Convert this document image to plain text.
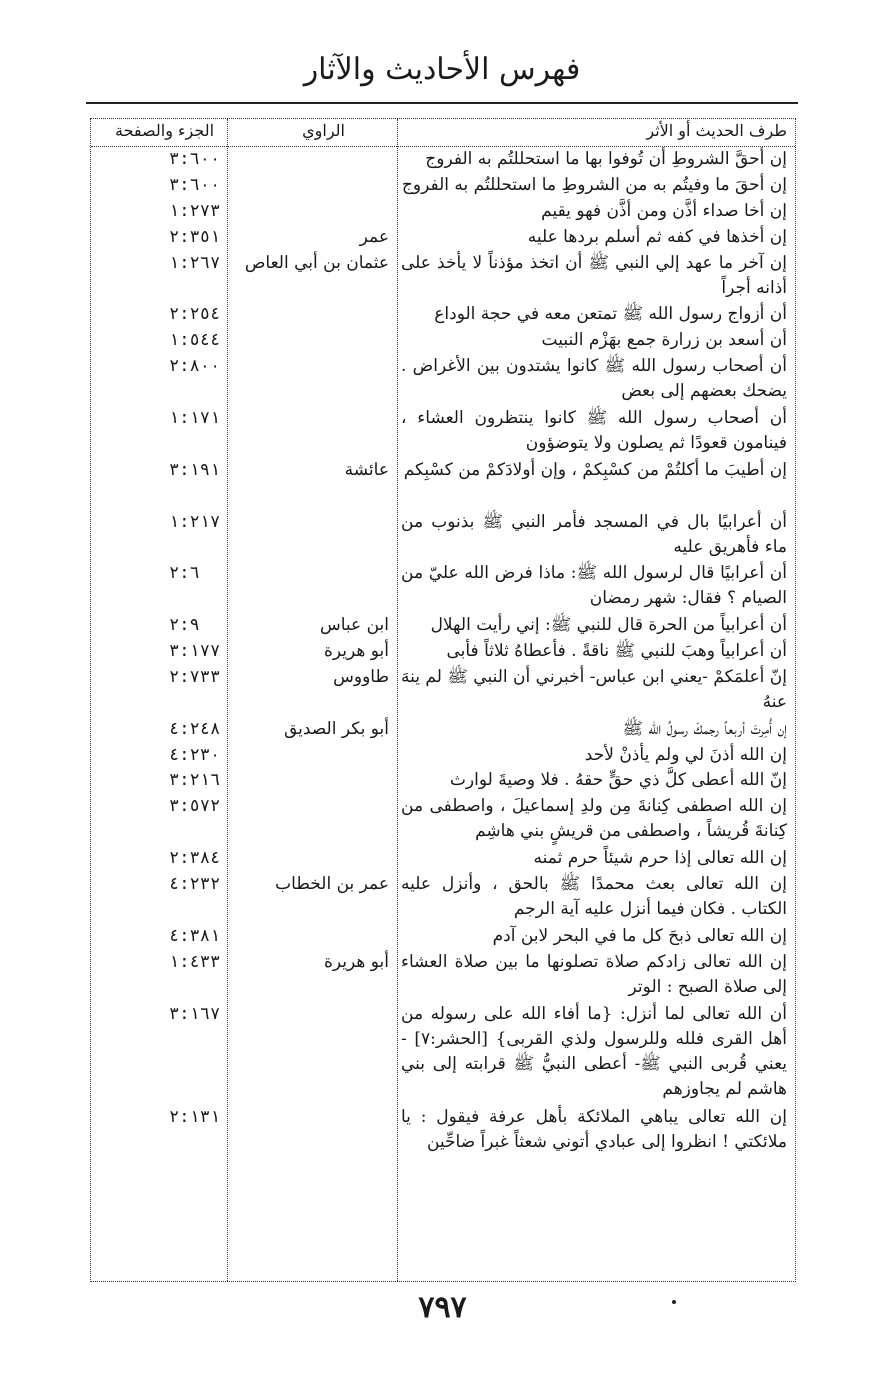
فهرس الأحاديث والآثار
طرف الحديث أو الأثر
الراوي
الجزء والصفحة
إن أحقَّ الشروطِ أن تُوفوا بها ما استحللتُم به الفروج
٣:٦٠٠
إن أحقَ ما وفيتُم به من الشروطِ ما استحللتُم به الفروج
٣:٦٠٠
إن أخا صداء أذَّن ومن أذَّن فهو يقيم
١:٢٧٣
إن أخذها في كفه ثم أسلم بردها عليه
عمر
٢:٣٥١
إن آخر ما عهد إلي النبي ﷺ أن اتخذ مؤذناً لا يأخذ على أذانه أجراً
عثمان بن أبي العاص
١:٢٦٧
أن أزواج رسول الله ﷺ تمتعن معه في حجة الوداع
٢:٢٥٤
أن أسعد بن زرارة جمع بهَزْم النبيت
١:٥٤٤
أن أصحاب رسول الله ﷺ كانوا يشتدون بين الأغراض . يضحك بعضهم إلى بعض
٢:٨٠٠
أن أصحاب رسول الله ﷺ كانوا ينتظرون العشاء ، فينامون قعودًا ثم يصلون ولا يتوضؤون
١:١٧١
إن أطيبَ ما أكلتُمْ من كسْبِكمْ ، وإن أولادَكمْ من كسْبِكم
عائشة
٣:١٩١
أن أعرابيًا بال في المسجد فأمر النبي ﷺ بذنوب من ماء فأهريق عليه
١:٢١٧
أن أعرابيًا قال لرسول الله ﷺ: ماذا فرض الله عليّ من الصيام ؟ فقال: شهر رمضان
٢:٦
أن أعرابياً من الحرة قال للنبي ﷺ: إني رأيت الهلال
ابن عباس
٢:٩
أن أعرابياً وهبَ للنبي ﷺ ناقةً . فأعطاهُ ثلاثاً فأبى
أبو هريرة
٣:١٧٧
إنّ أعلمَكمْ -يعني ابن عباس- أخبرني أن النبي ﷺ لم ينهَ عنهُ
طاووس
٢:٧٣٣
إن أُمِرتَ أربعاً رجمكَ رسولُ الله ﷺ
أبو بكر الصديق
٤:٢٤٨
إن الله أذنَ لي ولم يأذنْ لأحد
٤:٢٣٠
إنّ الله أعطى كلَّ ذي حقٍّ حقهُ . فلا وصيةَ لوارث
٣:٢١٦
إن الله اصطفى كِنانةَ مِن ولدِ إسماعيلَ ، واصطفى من كِنانةَ قُريشاً ، واصطفى من قريشٍ بني هاشِم
٣:٥٧٢
إن الله تعالى إذا حرم شيئاً حرم ثمنه
٢:٣٨٤
إن الله تعالى بعث محمدًا ﷺ بالحق ، وأنزل عليه الكتاب . فكان فيما أنزل عليه آية الرجم
عمر بن الخطاب
٤:٢٣٢
إن الله تعالى ذبحَ كل ما في البحر لابن آدم
٤:٣٨١
إن الله تعالى زادكم صلاة تصلونها ما بين صلاة العشاء إلى صلاة الصبح : الوتر
أبو هريرة
١:٤٣٣
أن الله تعالى لما أنزل: {ما أفاء الله على رسوله من أهل القرى فلله وللرسول ولذي القربى} [الحشر:٧] - يعني قُربى النبي ﷺ- أعطى النبيُّ ﷺ قرابته إلى بني هاشم لم يجاوزهم
٣:١٦٧
إن الله تعالى يباهي الملائكة بأهل عرفة فيقول : يا ملائكتي ! انظروا إلى عبادي أتوني شعثاً غبراً ضاحِّين
٢:١٣١
٧٩٧
